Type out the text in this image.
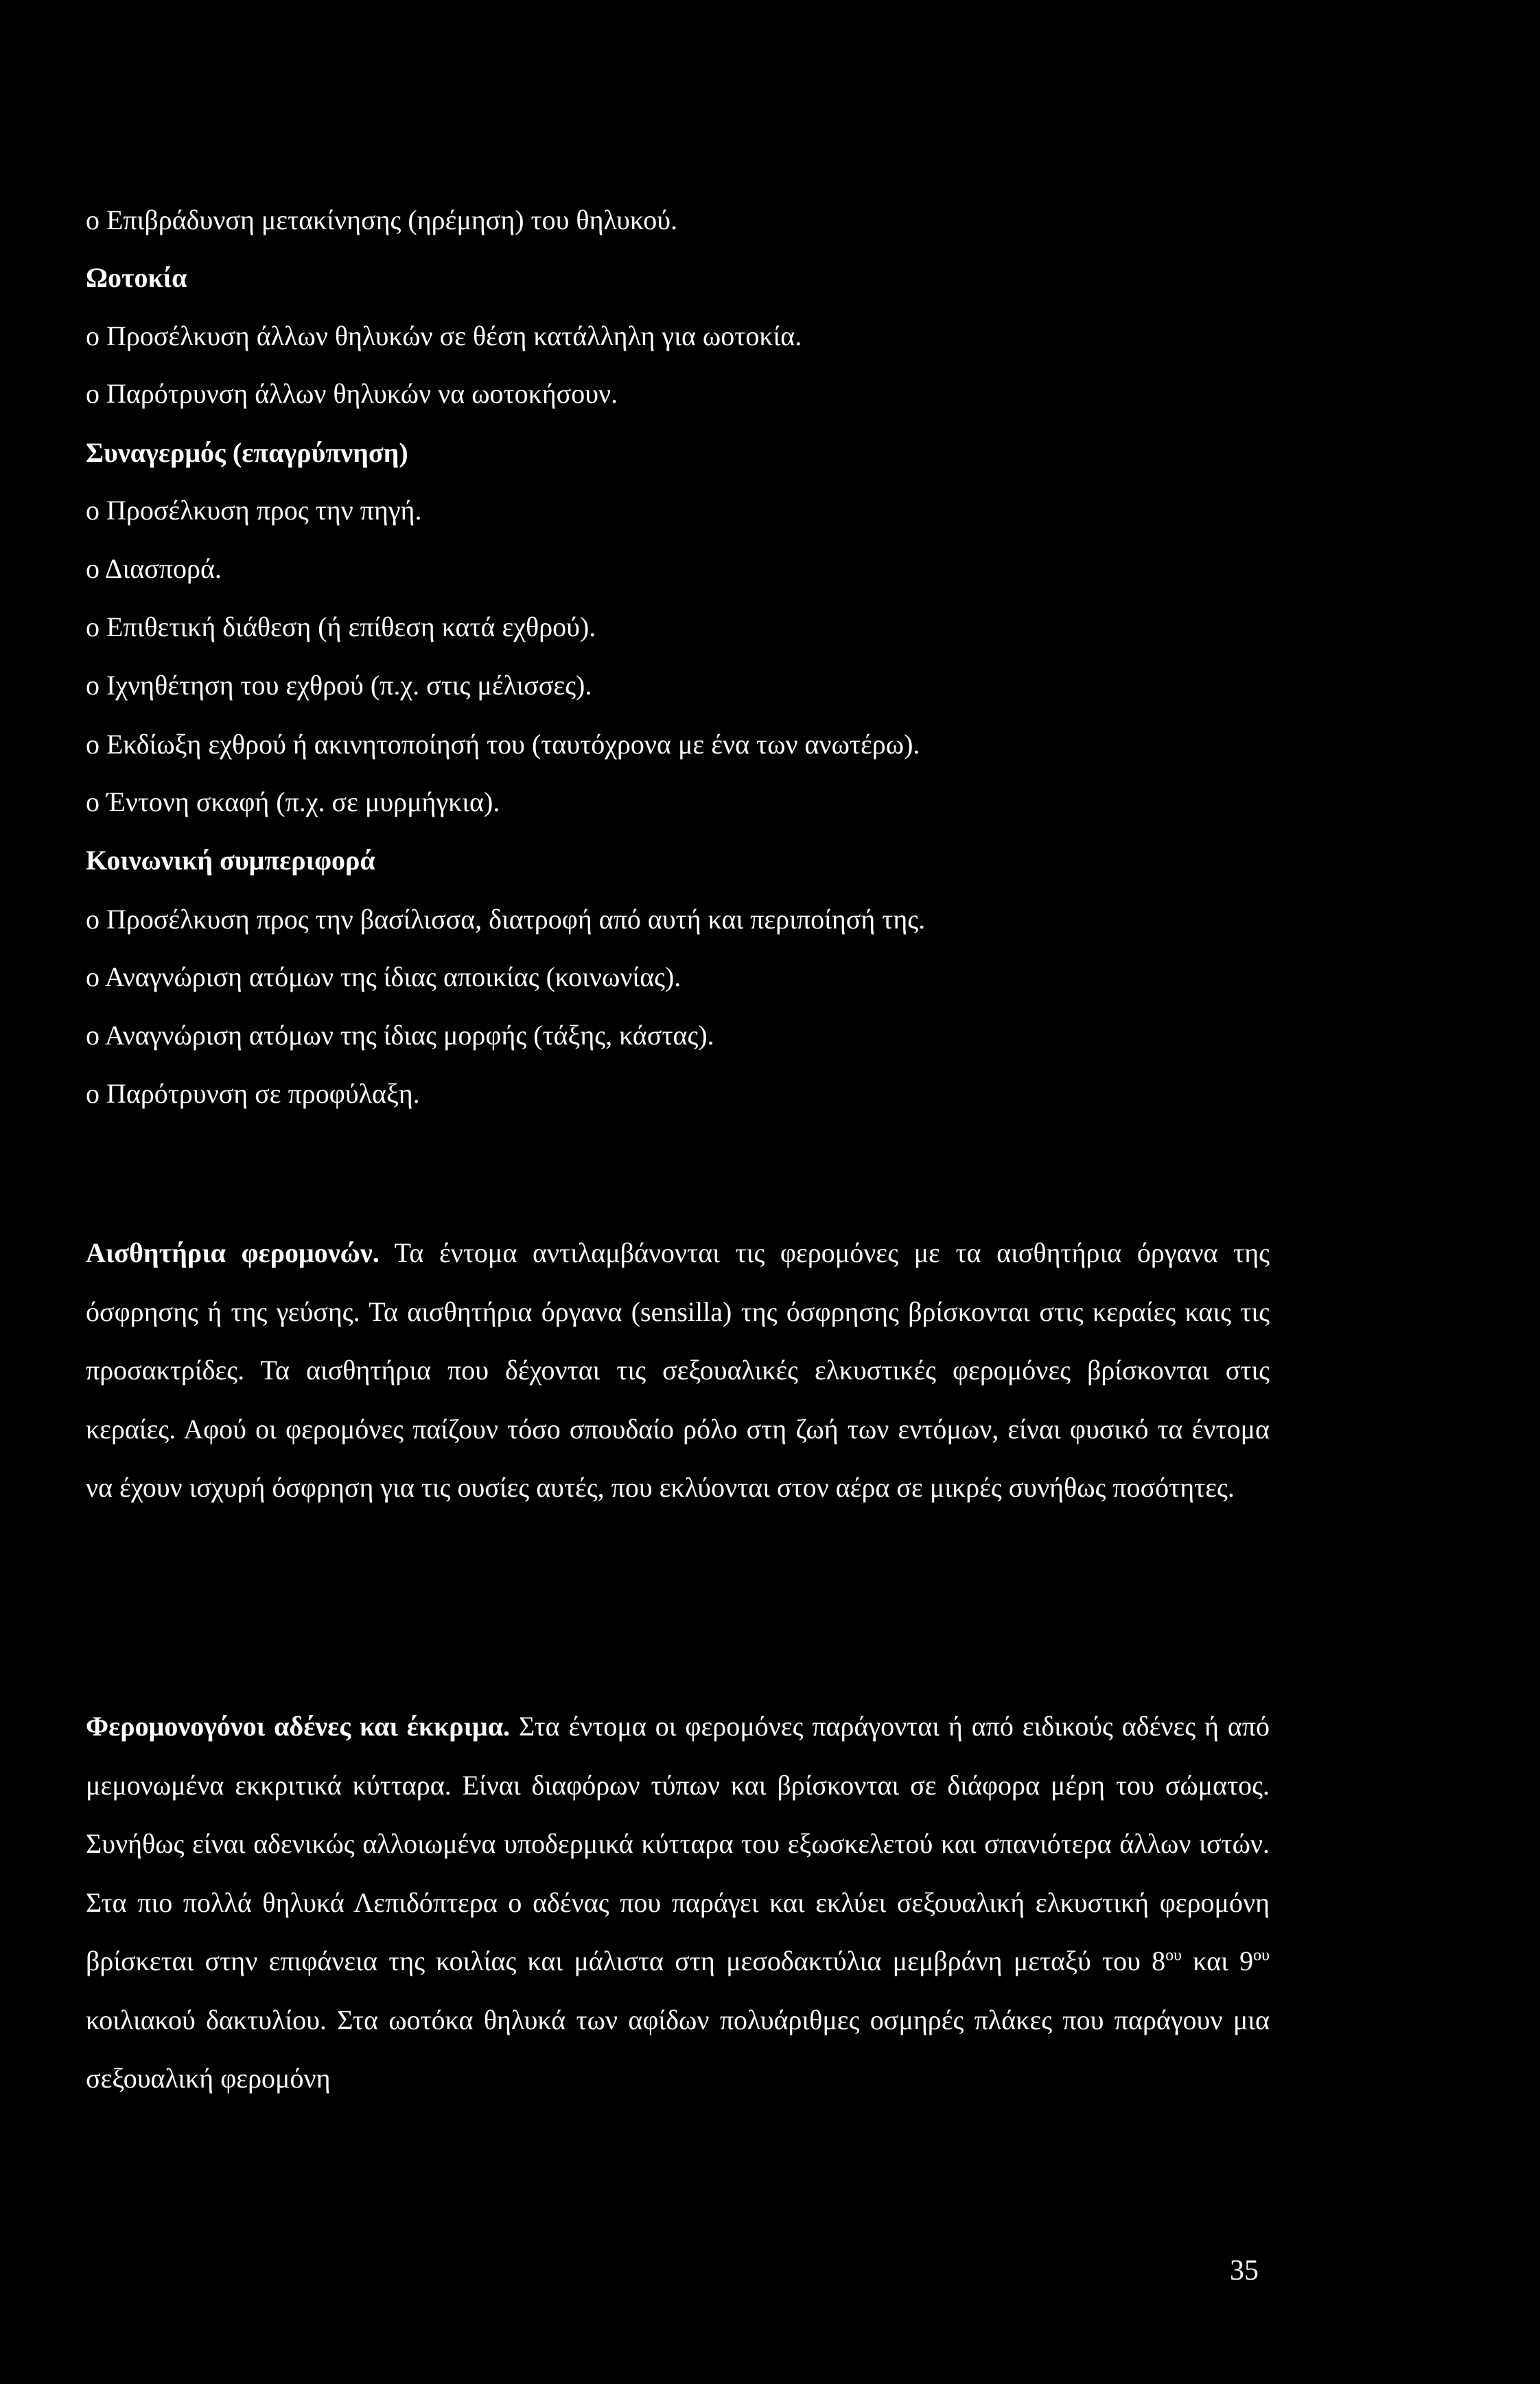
ο Επιβράδυνση μετακίνησης (ηρέμηση) του θηλυκού.

Ωοτοκία

ο Προσέλκυση άλλων θηλυκών σε θέση κατάλληλη για ωοτοκία.

ο Παρότρυνση άλλων θηλυκών να ωοτοκήσουν.

Συναγερμός (επαγρύπνηση)

ο Προσέλκυση προς την πηγή.

ο Διασπορά.

ο Επιθετική διάθεση (ή επίθεση κατά εχθρού).

ο Ιχνηθέτηση του εχθρού (π.χ. στις μέλισσες).

ο Εκδίωξη εχθρού ή ακινητοποίησή του (ταυτόχρονα με ένα των ανωτέρω).

ο Έντονη σκαφή (π.χ. σε μυρμήγκια).

Κοινωνική συμπεριφορά

ο Προσέλκυση προς την βασίλισσα, διατροφή από αυτή και περιποίησή της.

ο Αναγνώριση ατόμων της ίδιας αποικίας (κοινωνίας).

ο Αναγνώριση ατόμων της ίδιας μορφής (τάξης, κάστας).

ο Παρότρυνση σε προφύλαξη.

Αισθητήρια φερομονών. Τα έντομα αντιλαμβάνονται τις φερομόνες με τα αισθητήρια όργανα της όσφρησης ή της γεύσης. Τα αισθητήρια όργανα (sensilla) της όσφρησης βρίσκονται στις κεραίες καις τις προσακτρίδες. Τα αισθητήρια που δέχονται τις σεξουαλικές ελκυστικές φερομόνες βρίσκονται στις κεραίες. Αφού οι φερομόνες παίζουν τόσο σπουδαίο ρόλο στη ζωή των εντόμων, είναι φυσικό τα έντομα να έχουν ισχυρή όσφρηση για τις ουσίες αυτές, που εκλύονται στον αέρα σε μικρές συνήθως ποσότητες.

Φερομονογόνοι αδένες και έκκριμα. Στα έντομα οι φερομόνες παράγονται ή από ειδικούς αδένες ή από μεμονωμένα εκκριτικά κύτταρα. Είναι διαφόρων τύπων και βρίσκονται σε διάφορα μέρη του σώματος. Συνήθως είναι αδενικώς αλλοιωμένα υποδερμικά κύτταρα του εξωσκελετού και σπανιότερα άλλων ιστών. Στα πιο πολλά θηλυκά Λεπιδόπτερα ο αδένας που παράγει και εκλύει σεξουαλική ελκυστική φερομόνη βρίσκεται στην επιφάνεια της κοιλίας και μάλιστα στη μεσοδακτύλια μεμβράνη μεταξύ του $8^{o\upsilon}$ και $9^{o\upsilon}$ κοιλιακού δακτυλίου. Στα ωοτόκα θηλυκά των αφίδων πολυάριθμες οσμηρές πλάκες που παράγουν μια σεξουαλική φερομόνη

35
